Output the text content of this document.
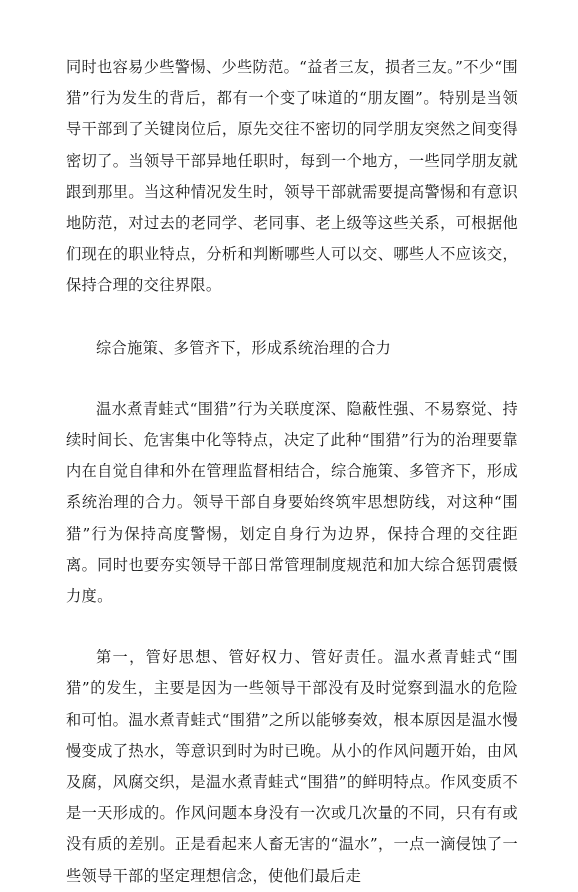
同时也容易少些警惕、少些防范。“益者三友，损者三友。”不少“围猎”行为发生的背后，都有一个变了味道的“朋友圈”。特别是当领导干部到了关键岗位后，原先交往不密切的同学朋友突然之间变得密切了。当领导干部异地任职时，每到一个地方，一些同学朋友就跟到那里。当这种情况发生时，领导干部就需要提高警惕和有意识地防范，对过去的老同学、老同事、老上级等这些关系，可根据他们现在的职业特点，分析和判断哪些人可以交、哪些人不应该交，保持合理的交往界限。

综合施策、多管齐下，形成系统治理的合力

温水煮青蛙式“围猎”行为关联度深、隐蔽性强、不易察觉、持续时间长、危害集中化等特点，决定了此种“围猎”行为的治理要靠内在自觉自律和外在管理监督相结合，综合施策、多管齐下，形成系统治理的合力。领导干部自身要始终筑牢思想防线，对这种“围猎”行为保持高度警惕，划定自身行为边界，保持合理的交往距离。同时也要夯实领导干部日常管理制度规范和加大综合惩罚震慑力度。

第一，管好思想、管好权力、管好责任。温水煮青蛙式“围猎”的发生，主要是因为一些领导干部没有及时觉察到温水的危险和可怕。温水煮青蛙式“围猎”之所以能够奏效，根本原因是温水慢慢变成了热水，等意识到时为时已晚。从小的作风问题开始，由风及腐，风腐交织，是温水煮青蛙式“围猎”的鲜明特点。作风变质不是一天形成的。作风问题本身没有一次或几次量的不同，只有有或没有质的差别。正是看起来人畜无害的“温水”，一点一滴侵蚀了一些领导干部的坚定理想信念，使他们最后走
